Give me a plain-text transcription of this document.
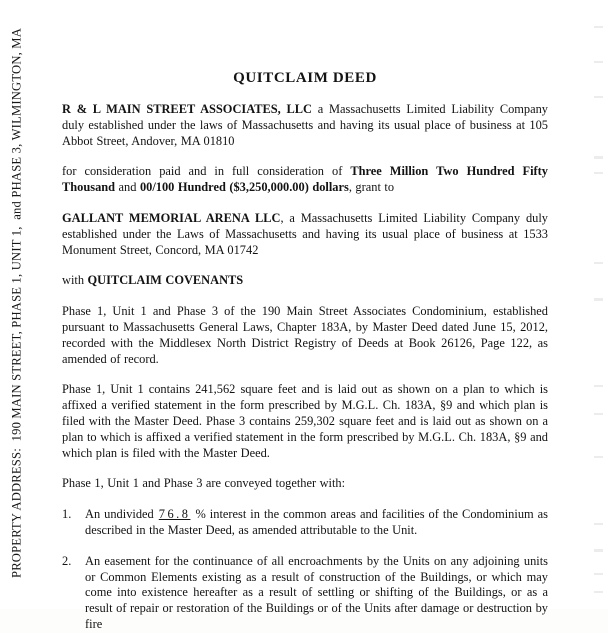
PROPERTY ADDRESS:  190 MAIN STREET, PHASE 1, UNIT 1,  and PHASE 3, WILMINGTON, MA	QUITCLAIM DEED

R & L MAIN STREET ASSOCIATES, LLC a Massachusetts Limited Liability Company duly established under the laws of Massachusetts and having its usual place of business at 105 Abbot Street, Andover, MA 01810

for consideration paid and in full consideration of Three Million Two Hundred Fifty Thousand and 00/100 Hundred ($3,250,000.00) dollars, grant to

GALLANT MEMORIAL ARENA LLC, a Massachusetts Limited Liability Company duly established under the Laws of Massachusetts and having its usual place of business at 1533 Monument Street, Concord, MA 01742

with QUITCLAIM COVENANTS

Phase 1, Unit 1 and Phase 3 of the 190 Main Street Associates Condominium, established pursuant to Massachusetts General Laws, Chapter 183A, by Master Deed dated June 15, 2012, recorded with the Middlesex North District Registry of Deeds at Book 26126, Page 122, as amended of record.

Phase 1, Unit 1 contains 241,562 square feet and is laid out as shown on a plan to which is affixed a verified statement in the form prescribed by M.G.L. Ch. 183A, §9 and which plan is filed with the Master Deed. Phase 3 contains 259,302 square feet and is laid out as shown on a plan to which is affixed a verified statement in the form prescribed by M.G.L. Ch. 183A, §9 and which plan is filed with the Master Deed.

Phase 1, Unit 1 and Phase 3 are conveyed together with:

1.	An undivided 76.8 % interest in the common areas and facilities of the Condominium as described in the Master Deed, as amended attributable to the Unit.

2.	An easement for the continuance of all encroachments by the Units on any adjoining units or Common Elements existing as a result of construction of the Buildings, or which may come into existence hereafter as a result of settling or shifting of the Buildings, or as a result of repair or restoration of the Buildings or of the Units after damage or destruction by fire
